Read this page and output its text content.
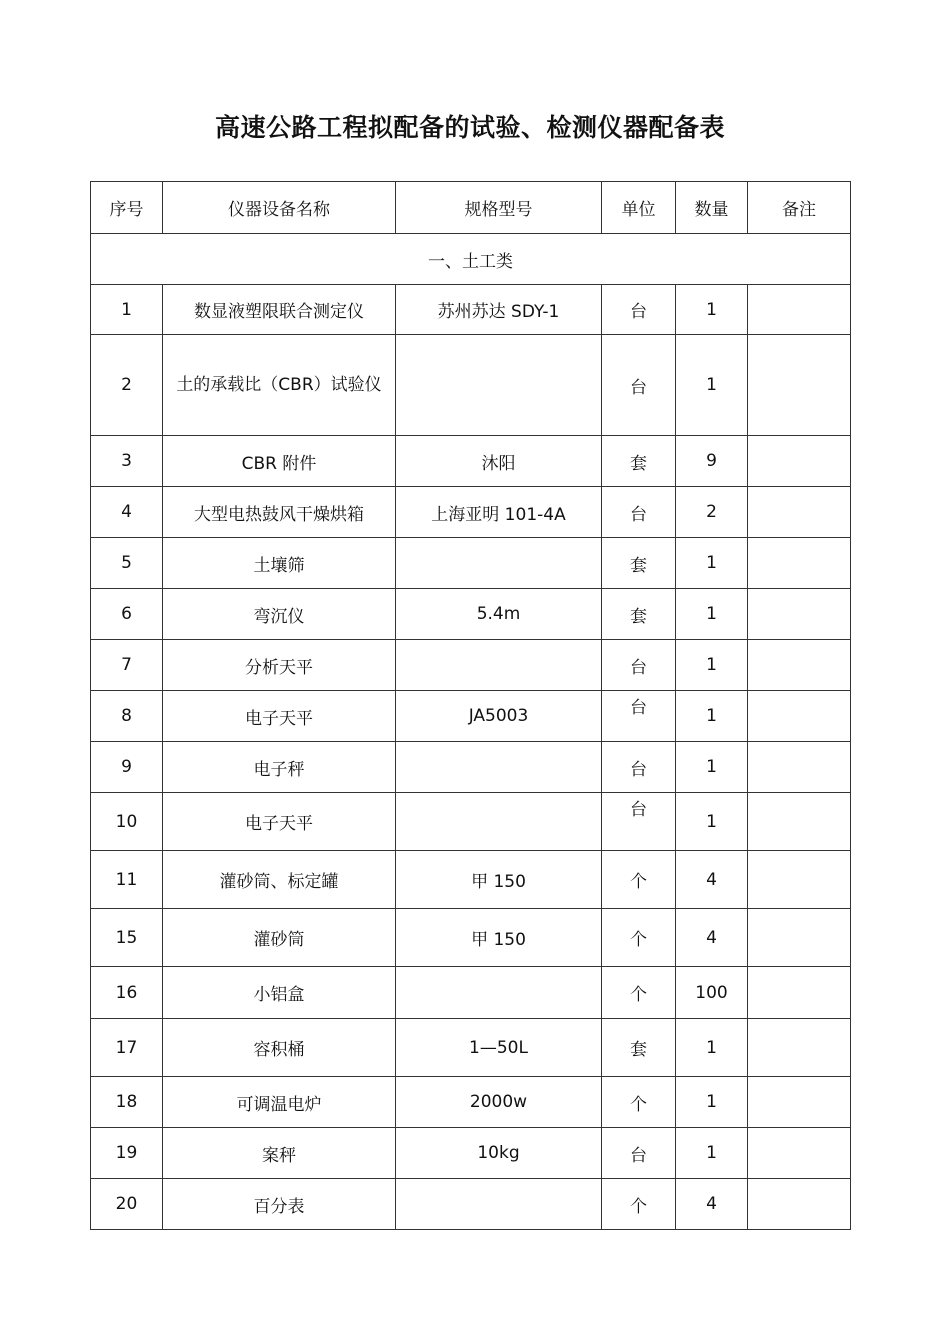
高速公路工程拟配备的试验、检测仪器配备表
序号	仪器设备名称	规格型号	单位	数量	备注
一、土工类					
1	数显液塑限联合测定仪	苏州苏达 SDY-1	台	1	
2	土的承载比（CBR）试验仪		台	1	
3	CBR 附件	沐阳	套	9	
4	大型电热鼓风干燥烘箱	上海亚明 101-4A	台	2	
5	土壤筛		套	1	
6	弯沉仪	5.4m	套	1	
7	分析天平		台	1	
8	电子天平	JA5003	台	1	
9	电子秤		台	1	
10	电子天平		台	1	
11	灌砂筒、标定罐	甲 150	个	4	
15	灌砂筒	甲 150	个	4	
16	小铝盒		个	100	
17	容积桶	1—50L	套	1	
18	可调温电炉	2000w	个	1	
19	案秤	10kg	台	1	
20	百分表		个	4	
